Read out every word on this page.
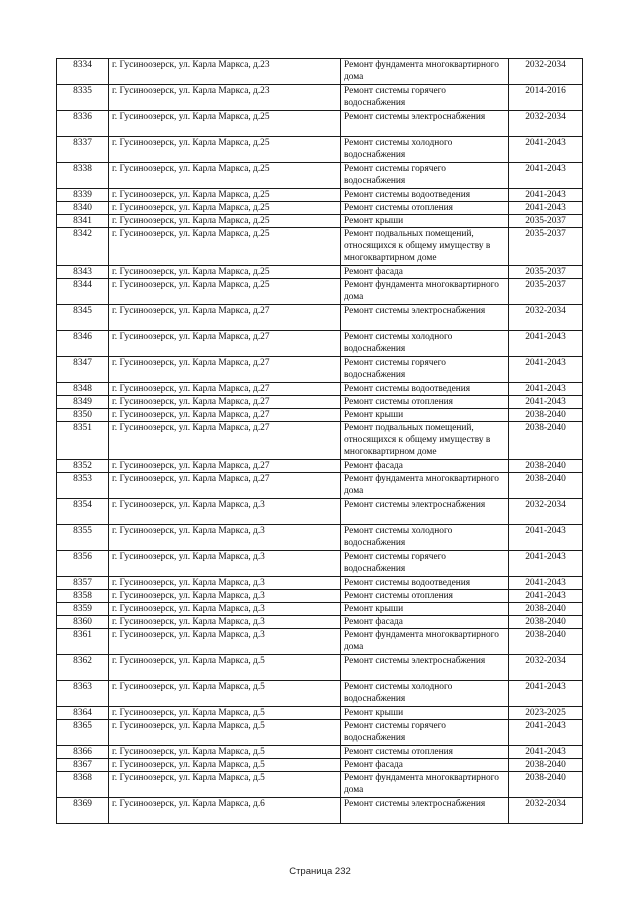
8334	г. Гусиноозерск, ул. Карла Маркса, д.23	Ремонт фундамента многоквартирного дома	2032-2034
8335	г. Гусиноозерск, ул. Карла Маркса, д.23	Ремонт системы горячего водоснабжения	2014-2016
8336	г. Гусиноозерск, ул. Карла Маркса, д.25	Ремонт системы электроснабжения	2032-2034
8337	г. Гусиноозерск, ул. Карла Маркса, д.25	Ремонт системы холодного водоснабжения	2041-2043
8338	г. Гусиноозерск, ул. Карла Маркса, д.25	Ремонт системы горячего водоснабжения	2041-2043
8339	г. Гусиноозерск, ул. Карла Маркса, д.25	Ремонт системы водоотведения	2041-2043
8340	г. Гусиноозерск, ул. Карла Маркса, д.25	Ремонт системы отопления	2041-2043
8341	г. Гусиноозерск, ул. Карла Маркса, д.25	Ремонт крыши	2035-2037
8342	г. Гусиноозерск, ул. Карла Маркса, д.25	Ремонт подвальных помещений, относящихся к общему имуществу в многоквартирном доме	2035-2037
8343	г. Гусиноозерск, ул. Карла Маркса, д.25	Ремонт фасада	2035-2037
8344	г. Гусиноозерск, ул. Карла Маркса, д.25	Ремонт фундамента многоквартирного дома	2035-2037
8345	г. Гусиноозерск, ул. Карла Маркса, д.27	Ремонт системы электроснабжения	2032-2034
8346	г. Гусиноозерск, ул. Карла Маркса, д.27	Ремонт системы холодного водоснабжения	2041-2043
8347	г. Гусиноозерск, ул. Карла Маркса, д.27	Ремонт системы горячего водоснабжения	2041-2043
8348	г. Гусиноозерск, ул. Карла Маркса, д.27	Ремонт системы водоотведения	2041-2043
8349	г. Гусиноозерск, ул. Карла Маркса, д.27	Ремонт системы отопления	2041-2043
8350	г. Гусиноозерск, ул. Карла Маркса, д.27	Ремонт крыши	2038-2040
8351	г. Гусиноозерск, ул. Карла Маркса, д.27	Ремонт подвальных помещений, относящихся к общему имуществу в многоквартирном доме	2038-2040
8352	г. Гусиноозерск, ул. Карла Маркса, д.27	Ремонт фасада	2038-2040
8353	г. Гусиноозерск, ул. Карла Маркса, д.27	Ремонт фундамента многоквартирного дома	2038-2040
8354	г. Гусиноозерск, ул. Карла Маркса, д.3	Ремонт системы электроснабжения	2032-2034
8355	г. Гусиноозерск, ул. Карла Маркса, д.3	Ремонт системы холодного водоснабжения	2041-2043
8356	г. Гусиноозерск, ул. Карла Маркса, д.3	Ремонт системы горячего водоснабжения	2041-2043
8357	г. Гусиноозерск, ул. Карла Маркса, д.3	Ремонт системы водоотведения	2041-2043
8358	г. Гусиноозерск, ул. Карла Маркса, д.3	Ремонт системы отопления	2041-2043
8359	г. Гусиноозерск, ул. Карла Маркса, д.3	Ремонт крыши	2038-2040
8360	г. Гусиноозерск, ул. Карла Маркса, д.3	Ремонт фасада	2038-2040
8361	г. Гусиноозерск, ул. Карла Маркса, д.3	Ремонт фундамента многоквартирного дома	2038-2040
8362	г. Гусиноозерск, ул. Карла Маркса, д.5	Ремонт системы электроснабжения	2032-2034
8363	г. Гусиноозерск, ул. Карла Маркса, д.5	Ремонт системы холодного водоснабжения	2041-2043
8364	г. Гусиноозерск, ул. Карла Маркса, д.5	Ремонт крыши	2023-2025
8365	г. Гусиноозерск, ул. Карла Маркса, д.5	Ремонт системы горячего водоснабжения	2041-2043
8366	г. Гусиноозерск, ул. Карла Маркса, д.5	Ремонт системы отопления	2041-2043
8367	г. Гусиноозерск, ул. Карла Маркса, д.5	Ремонт фасада	2038-2040
8368	г. Гусиноозерск, ул. Карла Маркса, д.5	Ремонт фундамента многоквартирного дома	2038-2040
8369	г. Гусиноозерск, ул. Карла Маркса, д.6	Ремонт системы электроснабжения	2032-2034
Страница 232
